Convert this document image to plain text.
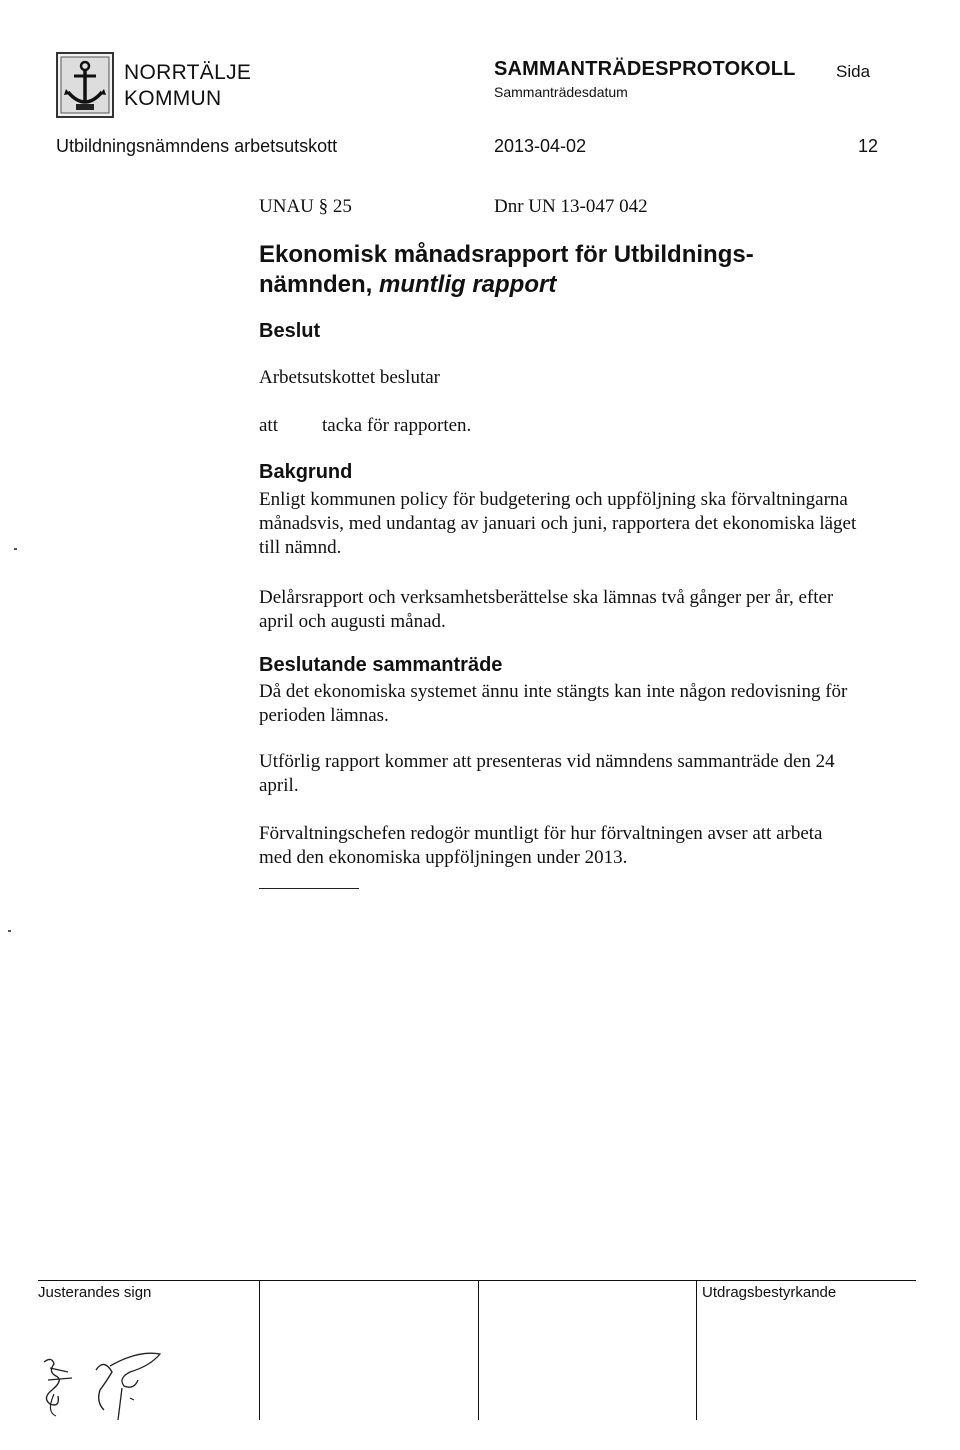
NORRTÄLJE
KOMMUN
SAMMANTRÄDESPROTOKOLL
Sammanträdesdatum
Sida
Utbildningsnämndens arbetsutskott	2013-04-02	12
UNAU § 25	Dnr UN 13-047 042
Ekonomisk månadsrapport för Utbildnings-nämnden, muntlig rapport
Beslut
Arbetsutskottet beslutar
att tacka för rapporten.
Bakgrund
Enligt kommunen policy för budgetering och uppföljning ska förvaltningarna månadsvis, med undantag av januari och juni, rapportera det ekonomiska läget till nämnd.
Delårsrapport och verksamhetsberättelse ska lämnas två gånger per år, efter april och augusti månad.
Beslutande sammanträde
Då det ekonomiska systemet ännu inte stängts kan inte någon redovisning för perioden lämnas.
Utförlig rapport kommer att presenteras vid nämndens sammanträde den 24 april.
Förvaltningschefen redogör muntligt för hur förvaltningen avser att arbeta med den ekonomiska uppföljningen under 2013.
Justerandes sign	Utdragsbestyrkande
